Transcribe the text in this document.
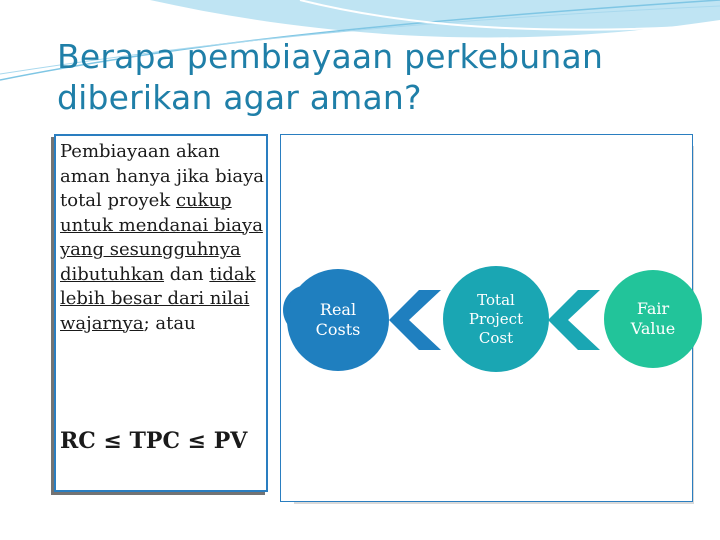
Berapa pembiayaan perkebunan diberikan agar aman?
Pembiayaan akan aman hanya jika biaya total proyek cukup untuk mendanai biaya yang sesungguhnya dibutuhkan dan tidak lebih besar dari nilai wajarnya; atau
RC ≤ TPC ≤ PV
Real
Costs
Total
Project
Cost
Fair
Value
